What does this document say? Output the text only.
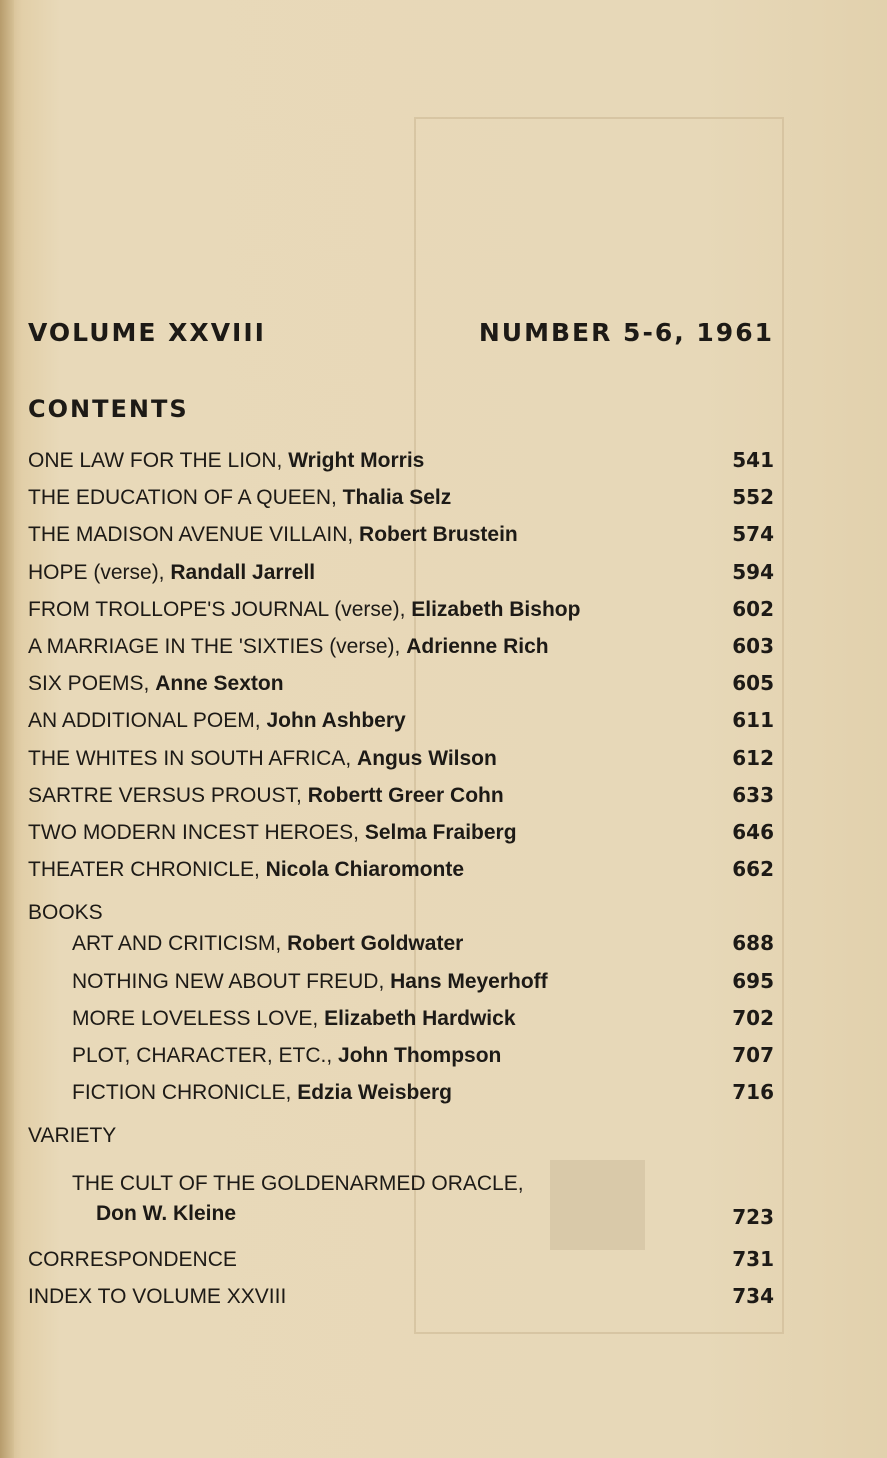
VOLUME XXVIII	NUMBER 5-6, 1961
CONTENTS
ONE LAW FOR THE LION, Wright Morris	541
THE EDUCATION OF A QUEEN, Thalia Selz	552
THE MADISON AVENUE VILLAIN, Robert Brustein	574
HOPE (verse), Randall Jarrell	594
FROM TROLLOPE'S JOURNAL (verse), Elizabeth Bishop	602
A MARRIAGE IN THE 'SIXTIES (verse), Adrienne Rich	603
SIX POEMS, Anne Sexton	605
AN ADDITIONAL POEM, John Ashbery	611
THE WHITES IN SOUTH AFRICA, Angus Wilson	612
SARTRE VERSUS PROUST, Robertt Greer Cohn	633
TWO MODERN INCEST HEROES, Selma Fraiberg	646
THEATER CHRONICLE, Nicola Chiaromonte	662
BOOKS
ART AND CRITICISM, Robert Goldwater	688
NOTHING NEW ABOUT FREUD, Hans Meyerhoff	695
MORE LOVELESS LOVE, Elizabeth Hardwick	702
PLOT, CHARACTER, ETC., John Thompson	707
FICTION CHRONICLE, Edzia Weisberg	716
VARIETY
THE CULT OF THE GOLDENARMED ORACLE,
Don W. Kleine	723
CORRESPONDENCE	731
INDEX TO VOLUME XXVIII	734
